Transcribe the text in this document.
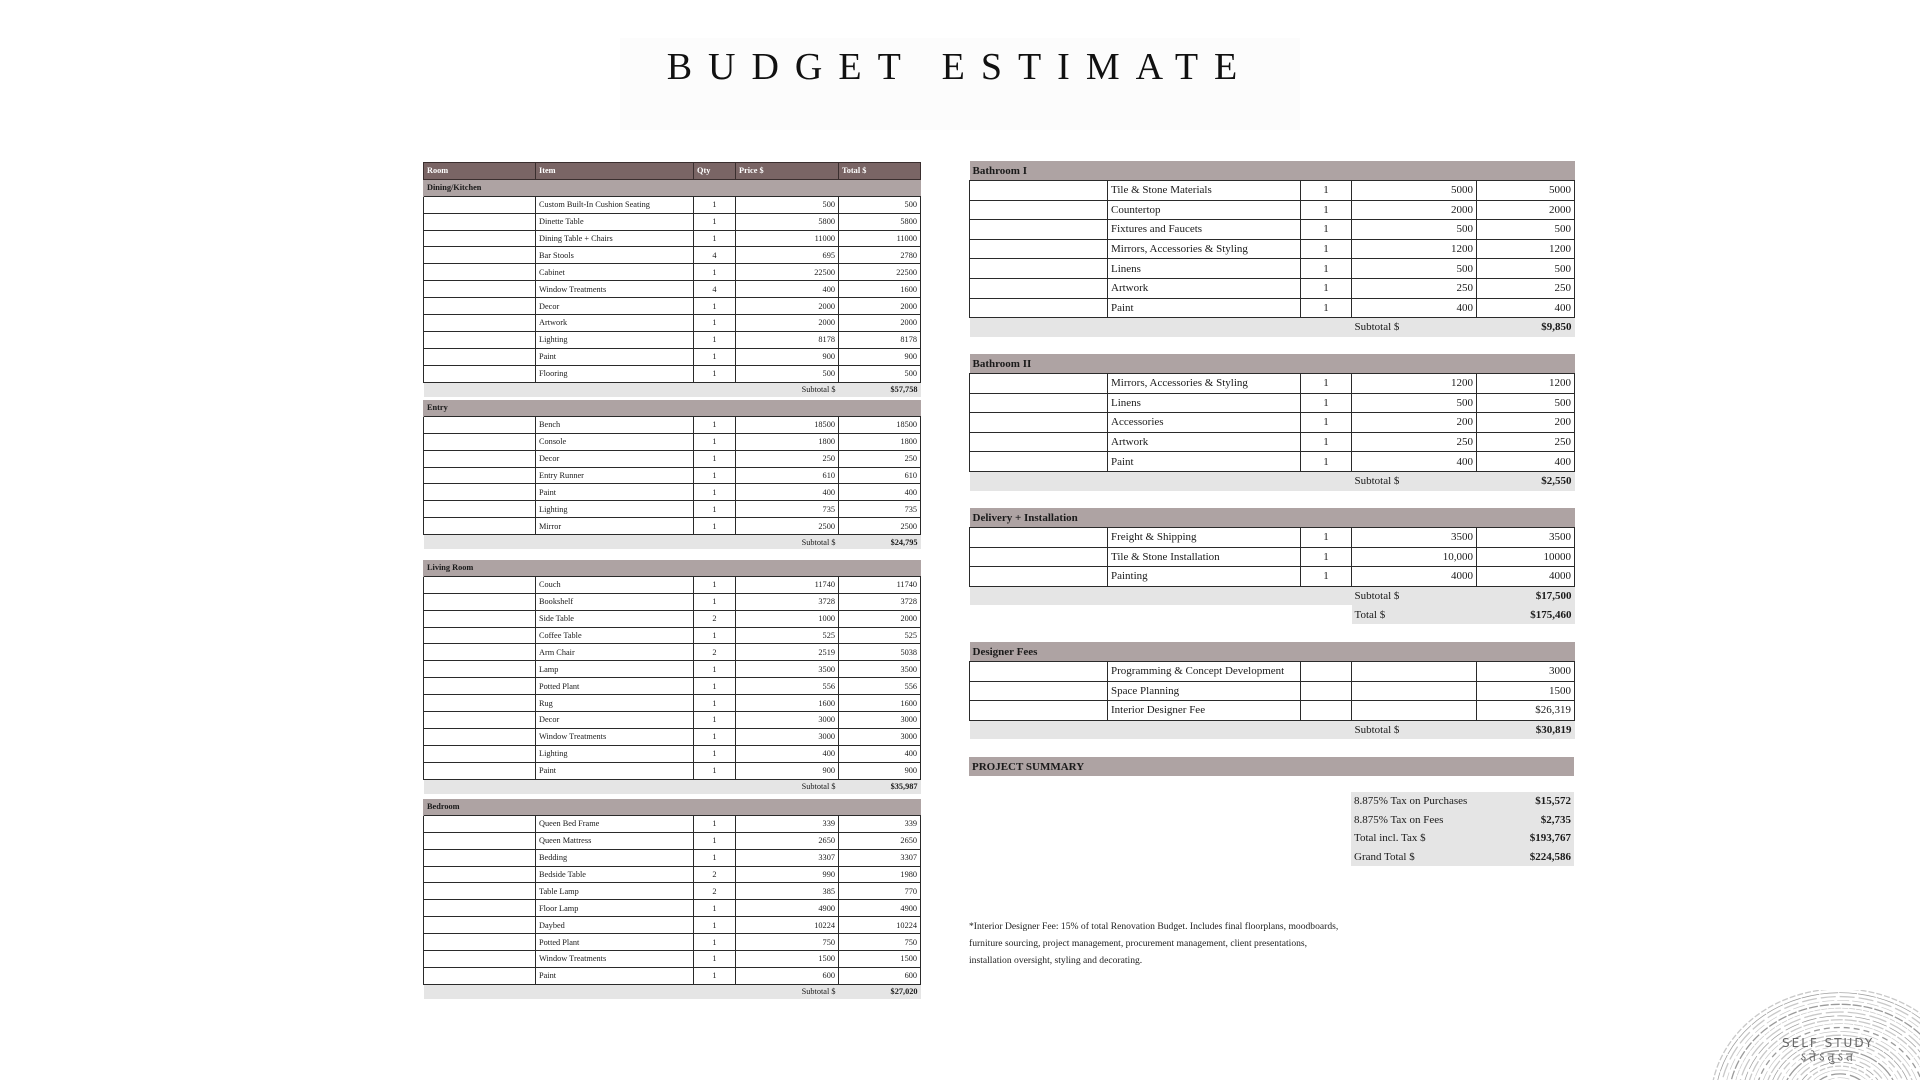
BUDGET ESTIMATE
Room	Item	Qty	Price $	Total $
Dining/Kitchen				
	Custom Built-In Cushion Seating	1	500	500
	Dinette Table	1	5800	5800
	Dining Table + Chairs	1	11000	11000
	Bar Stools	4	695	2780
	Cabinet	1	22500	22500
	Window Treatments	4	400	1600
	Decor	1	2000	2000
	Artwork	1	2000	2000
	Lighting	1	8178	8178
	Paint	1	900	900
	Flooring	1	500	500
		Subtotal $		$57,758
Entry				
	Bench	1	18500	18500
	Console	1	1800	1800
	Decor	1	250	250
	Entry Runner	1	610	610
	Paint	1	400	400
	Lighting	1	735	735
	Mirror	1	2500	2500
		Subtotal $		$24,795
Living Room				
	Couch	1	11740	11740
	Bookshelf	1	3728	3728
	Side Table	2	1000	2000
	Coffee Table	1	525	525
	Arm Chair	2	2519	5038
	Lamp	1	3500	3500
	Potted Plant	1	556	556
	Rug	1	1600	1600
	Decor	1	3000	3000
	Window Treatments	1	3000	3000
	Lighting	1	400	400
	Paint	1	900	900
		Subtotal $		$35,987
Bedroom				
	Queen Bed Frame	1	339	339
	Queen Mattress	1	2650	2650
	Bedding	1	3307	3307
	Bedside Table	2	990	1980
	Table Lamp	2	385	770
	Floor Lamp	1	4900	4900
	Daybed	1	10224	10224
	Potted Plant	1	750	750
	Window Treatments	1	1500	1500
	Paint	1	600	600
		Subtotal $		$27,020
Bathroom I				
	Tile & Stone Materials	1	5000	5000
	Countertop	1	2000	2000
	Fixtures and Faucets	1	500	500
	Mirrors, Accessories & Styling	1	1200	1200
	Linens	1	500	500
	Artwork	1	250	250
	Paint	1	400	400
			Subtotal $	$9,850
Bathroom II				
	Mirrors, Accessories & Styling	1	1200	1200
	Linens	1	500	500
	Accessories	1	200	200
	Artwork	1	250	250
	Paint	1	400	400
			Subtotal $	$2,550
Delivery + Installation				
	Freight & Shipping	1	3500	3500
	Tile & Stone Installation	1	10,000	10000
	Painting	1	4000	4000
			Subtotal $	$17,500
			Total $	$175,460
Designer Fees				
	Programming & Concept Development			3000
	Space Planning			1500
	Interior Designer Fee			$26,319
			Subtotal $	$30,819
PROJECT SUMMARY		

	8.875% Tax on Purchases	$15,572
	8.875% Tax on Fees	$2,735
	Total incl. Tax $	$193,767
	Grand Total $	$224,586
*Interior Designer Fee: 15% of total Renovation Budget. Includes final floorplans, moodboards, furniture sourcing, project management, procurement management, client presentations, installation oversight, styling and decorating.
SELF STUDY
ऽतेऽतुऽत
